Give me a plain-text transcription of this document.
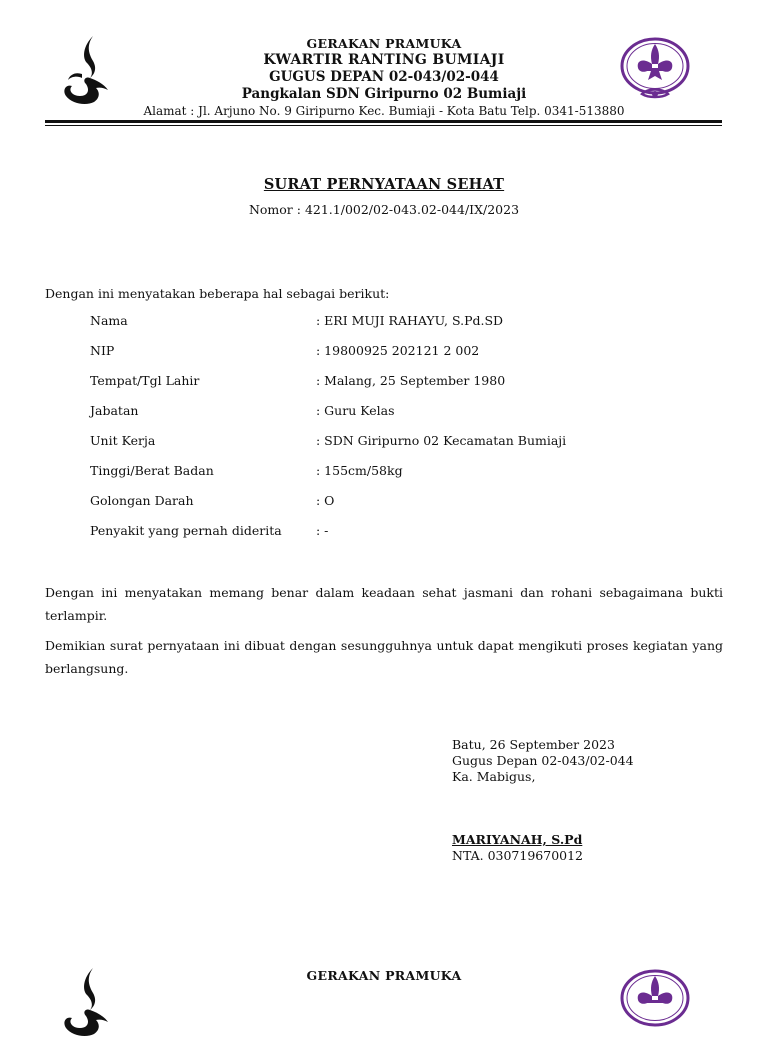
GERAKAN PRAMUKA
KWARTIR RANTING BUMIAJI
GUGUS DEPAN 02-043/02-044
Pangkalan SDN Giripurno 02 Bumiaji
Alamat : Jl. Arjuno No. 9 Giripurno Kec. Bumiaji - Kota Batu Telp. 0341-513880
SURAT PERNYATAAN SEHAT
Nomor : 421.1/002/02-043.02-044/IX/2023
Dengan ini menyatakan beberapa hal sebagai berikut:
Nama	: ERI MUJI RAHAYU, S.Pd.SD
NIP	: 19800925 202121 2 002
Tempat/Tgl Lahir	: Malang, 25 September 1980
Jabatan	: Guru Kelas
Unit Kerja	: SDN Giripurno 02 Kecamatan Bumiaji
Tinggi/Berat Badan	: 155cm/58kg
Golongan Darah	: O
Penyakit yang pernah diderita	: -
Dengan ini menyatakan memang benar dalam keadaan sehat jasmani dan rohani sebagaimana bukti terlampir.
Demikian surat pernyataan ini dibuat dengan sesungguhnya untuk dapat mengikuti proses kegiatan yang berlangsung.
Batu, 26 September 2023
Gugus Depan 02-043/02-044
Ka. Mabigus,
MARIYANAH, S.Pd
NTA. 030719670012
GERAKAN PRAMUKA
